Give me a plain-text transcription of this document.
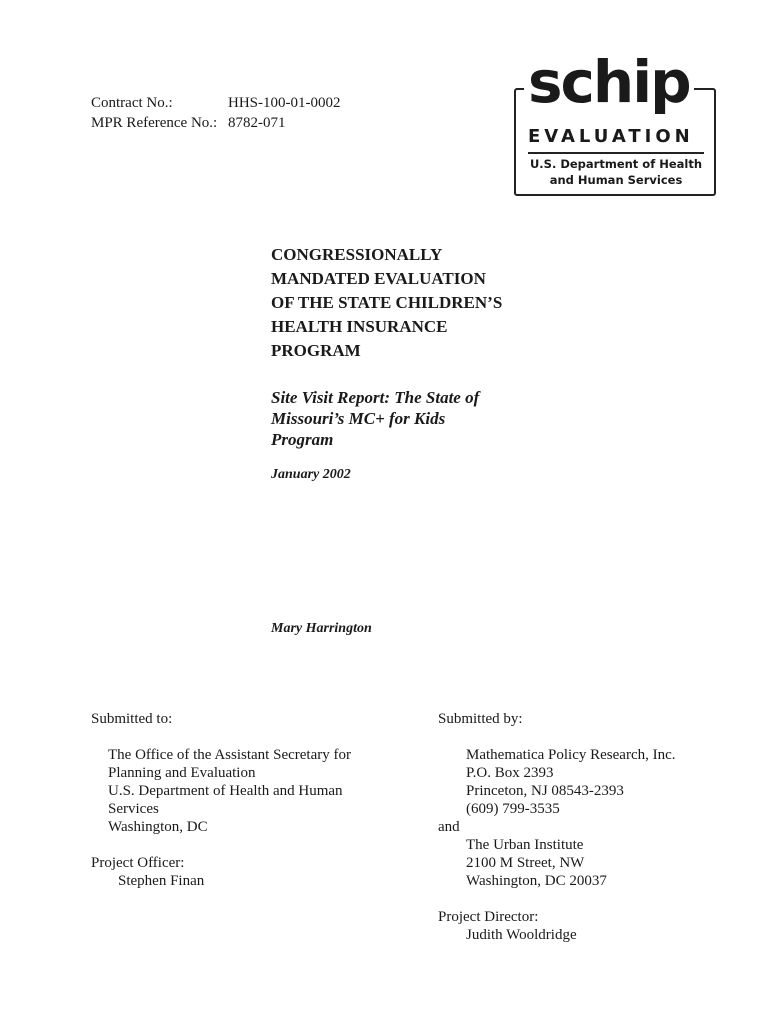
Contract No.:	HHS-100-01-0002
MPR Reference No.: 8782-071
schip
EVALUATION
U.S. Department of Health
and Human Services
CONGRESSIONALLY
MANDATED EVALUATION
OF THE STATE CHILDREN’S
HEALTH INSURANCE
PROGRAM
Site Visit Report: The State of
Missouri’s MC+ for Kids
Program
January 2002
Mary Harrington
Submitted to:
The Office of the Assistant Secretary for
Planning and Evaluation
U.S. Department of Health and Human
Services
Washington, DC
Project Officer:
Stephen Finan
Submitted by:
Mathematica Policy Research, Inc.
P.O. Box 2393
Princeton, NJ 08543-2393
(609) 799-3535
and
The Urban Institute
2100 M Street, NW
Washington, DC 20037
Project Director:
Judith Wooldridge
